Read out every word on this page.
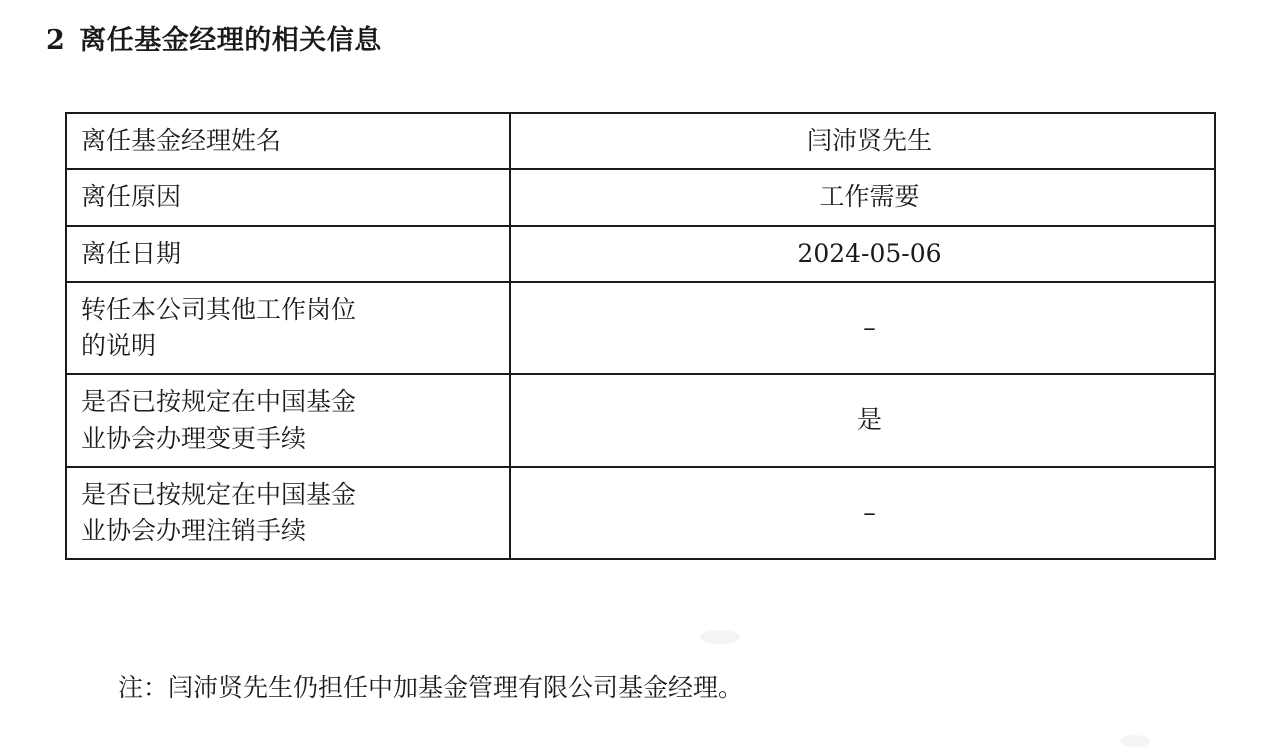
2 离任基金经理的相关信息
离任基金经理姓名	闫沛贤先生

离任原因	工作需要

离任日期	2024-05-06

转任本公司其他工作岗位
的说明	–

是否已按规定在中国基金
业协会办理变更手续	是

是否已按规定在中国基金
业协会办理注销手续	–
注：闫沛贤先生仍担任中加基金管理有限公司基金经理。
